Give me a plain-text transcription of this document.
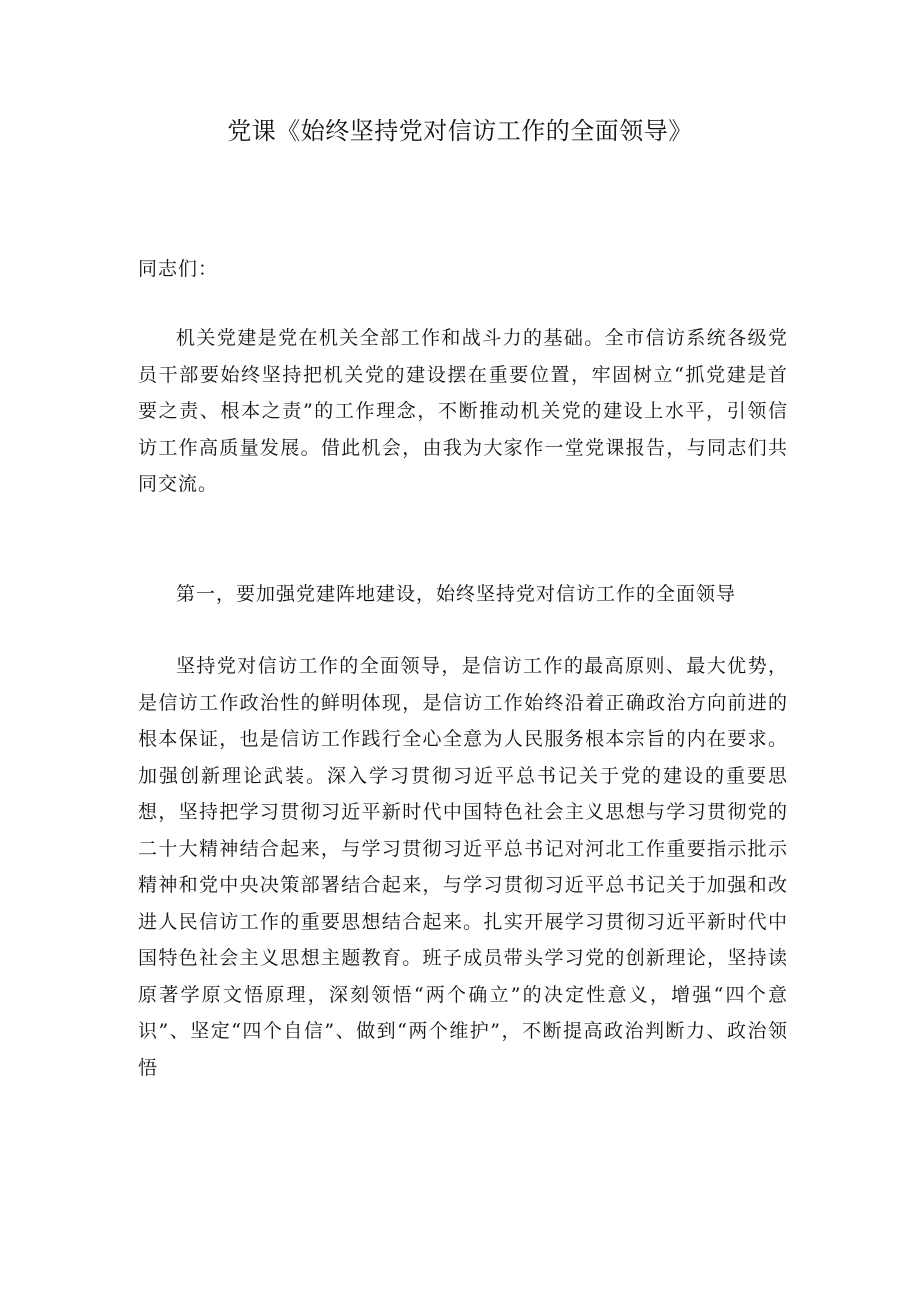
党课《始终坚持党对信访工作的全面领导》
同志们：
机关党建是党在机关全部工作和战斗力的基础。全市信访系统各级党员干部要始终坚持把机关党的建设摆在重要位置，牢固树立“抓党建是首要之责、根本之责”的工作理念，不断推动机关党的建设上水平，引领信访工作高质量发展。借此机会，由我为大家作一堂党课报告，与同志们共同交流。
第一，要加强党建阵地建设，始终坚持党对信访工作的全面领导
坚持党对信访工作的全面领导，是信访工作的最高原则、最大优势，是信访工作政治性的鲜明体现，是信访工作始终沿着正确政治方向前进的根本保证，也是信访工作践行全心全意为人民服务根本宗旨的内在要求。加强创新理论武装。深入学习贯彻习近平总书记关于党的建设的重要思想，坚持把学习贯彻习近平新时代中国特色社会主义思想与学习贯彻党的二十大精神结合起来，与学习贯彻习近平总书记对河北工作重要指示批示精神和党中央决策部署结合起来，与学习贯彻习近平总书记关于加强和改进人民信访工作的重要思想结合起来。扎实开展学习贯彻习近平新时代中国特色社会主义思想主题教育。班子成员带头学习党的创新理论，坚持读原著学原文悟原理，深刻领悟“两个确立”的决定性意义，增强“四个意识”、坚定“四个自信”、做到“两个维护”，不断提高政治判断力、政治领悟
